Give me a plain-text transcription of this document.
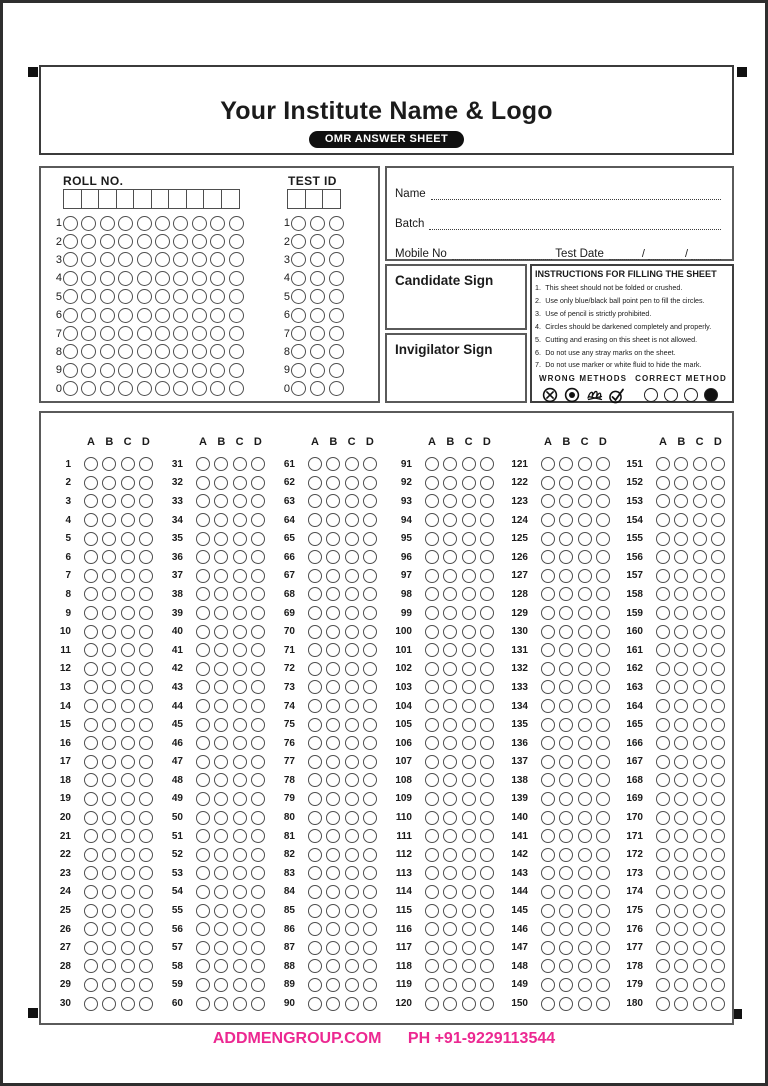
Your Institute Name & Logo
OMR ANSWER SHEET
ROLL NO.
1
2
3
4
5
6
7
8
9
0
TEST ID
1
2
3
4
5
6
7
8
9
0
Name
Batch
Mobile No	Test Date	/	/
Candidate Sign
Invigilator Sign
INSTRUCTIONS FOR FILLING THE SHEET
1. This sheet should not be folded or crushed.
2. Use only blue/black ball point pen to fill the circles.
3. Use of pencil is strictly prohibited.
4. Circles should be darkened completely and properly.
5. Cutting and erasing on this sheet is not allowed.
6. Do not use any stray marks on the sheet.
7. Do not use marker or white fluid to hide the mark.
WRONG METHODS	CORRECT METHOD
A B C D
1
2
3
4
5
6
7
8
9
10
11
12
13
14
15
16
17
18
19
20
21
22
23
24
25
26
27
28
29
30
A B C D
31
32
33
34
35
36
37
38
39
40
41
42
43
44
45
46
47
48
49
50
51
52
53
54
55
56
57
58
59
60
A B C D
61
62
63
64
65
66
67
68
69
70
71
72
73
74
75
76
77
78
79
80
81
82
83
84
85
86
87
88
89
90
A B C D
91
92
93
94
95
96
97
98
99
100
101
102
103
104
105
106
107
108
109
110
111
112
113
114
115
116
117
118
119
120
A B C D
121
122
123
124
125
126
127
128
129
130
131
132
133
134
135
136
137
138
139
140
141
142
143
144
145
146
147
148
149
150
A B C D
151
152
153
154
155
156
157
158
159
160
161
162
163
164
165
166
167
168
169
170
171
172
173
174
175
176
177
178
179
180
ADDMENGROUP.COM PH +91-9229113544
